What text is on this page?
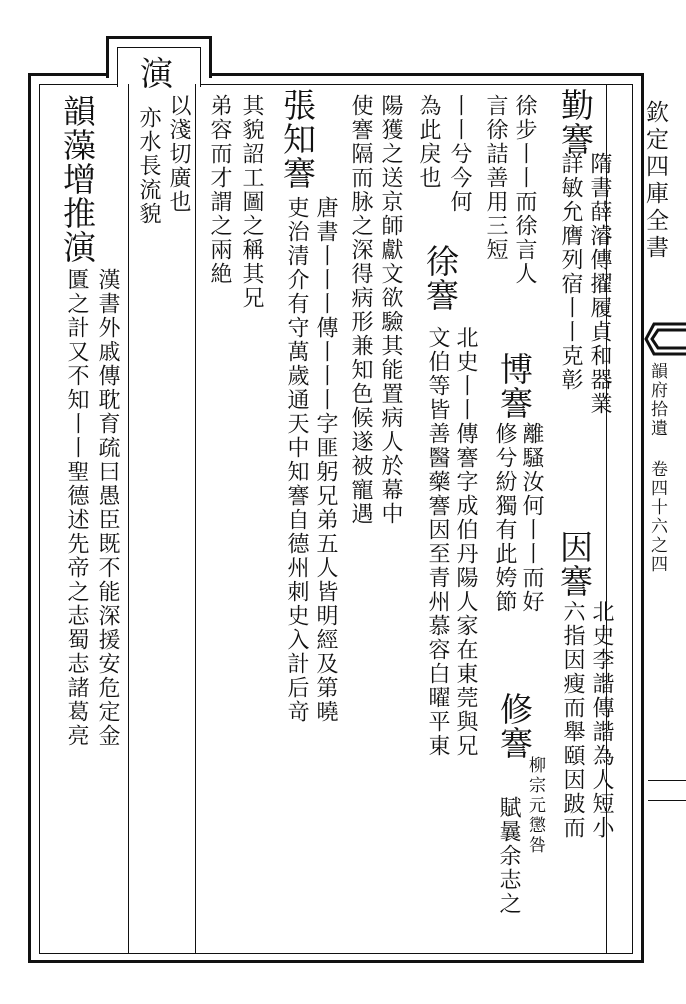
欽定四庫全書
韻府拾遺 卷四十六之四
演
勤謇
隋書薛濬傳擢履貞和器業
詳敏允膺列宿丨丨克彰
徐步丨丨而徐言人
言徐詰善用三短
因謇
北史李諧傳諧為人短小
六指因瘦而舉頤因跛而
博謇
離騷汝何丨丨而好
修兮紛獨有此姱節
修謇
柳宗元懲咎
賦曩余志之
丨丨兮今何
為此戾也
徐謇
北史丨丨傳謇字成伯丹陽人家在東莞與兄
文伯等皆善醫藥謇因至青州慕容白曜平東
陽獲之送京師獻文欲驗其能置病人於幕中
使謇隔而脉之深得病形兼知色候遂被寵遇
張知謇
唐書丨丨丨傳丨丨丨字匪躬兄弟五人皆明經及第曉
吏治清介有守萬歲通天中知謇自德州刺史入計后竒
其貌詔工圖之稱其兄
弟容而才謂之兩絶
以淺切廣也
亦水長流貌
韻藻增推演
漢書外戚傳耽育疏曰愚臣既不能深援安危定金
匱之計又不知丨丨聖德述先帝之志蜀志諸葛亮
